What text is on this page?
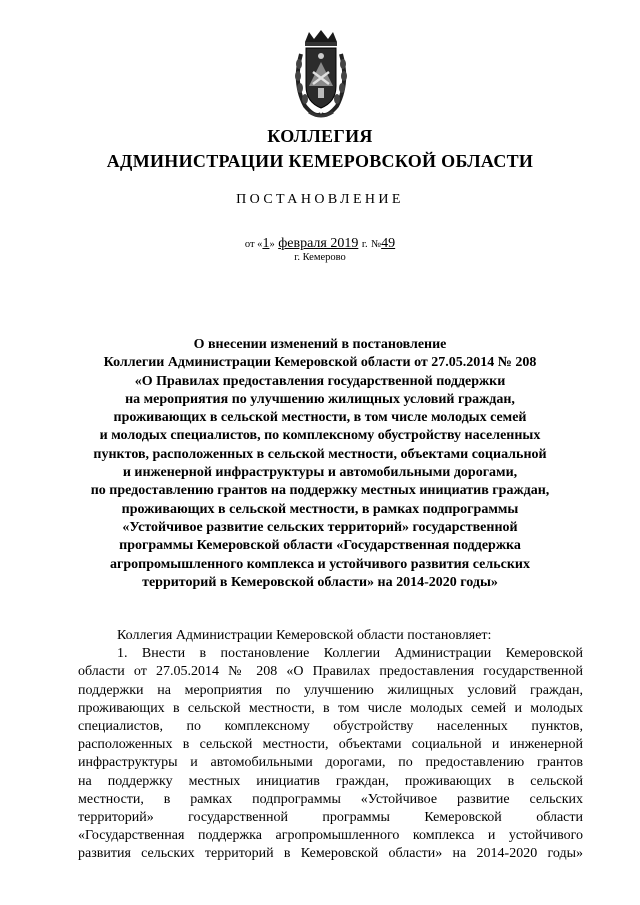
КОЛЛЕГИЯ
АДМИНИСТРАЦИИ КЕМЕРОВСКОЙ ОБЛАСТИ
ПОСТАНОВЛЕНИЕ
от «1» февраля 2019 г. №49
г. Кемерово
О внесении изменений в постановление
Коллегии Администрации Кемеровской области от 27.05.2014 № 208
«О Правилах предоставления государственной поддержки
на мероприятия по улучшению жилищных условий граждан,
проживающих в сельской местности, в том числе молодых семей
и молодых специалистов, по комплексному обустройству населенных
пунктов, расположенных в сельской местности, объектами социальной
и инженерной инфраструктуры и автомобильными дорогами,
по предоставлению грантов на поддержку местных инициатив граждан,
проживающих в сельской местности, в рамках подпрограммы
«Устойчивое развитие сельских территорий» государственной
программы Кемеровской области «Государственная поддержка
агропромышленного комплекса и устойчивого развития сельских
территорий в Кемеровской области» на 2014-2020 годы»
Коллегия Администрации Кемеровской области постановляет:
1. Внести в постановление Коллегии Администрации Кемеровской
области от 27.05.2014 № 208 «О Правилах предоставления государственной
поддержки на мероприятия по улучшению жилищных условий граждан,
проживающих в сельской местности, в том числе молодых семей и молодых
специалистов, по комплексному обустройству населенных пунктов,
расположенных в сельской местности, объектами социальной и инженерной
инфраструктуры и автомобильными дорогами, по предоставлению грантов
на поддержку местных инициатив граждан, проживающих в сельской
местности, в рамках подпрограммы «Устойчивое развитие сельских
территорий» государственной программы Кемеровской области
«Государственная поддержка агропромышленного комплекса и устойчивого
развития сельских территорий в Кемеровской области» на 2014-2020 годы»
